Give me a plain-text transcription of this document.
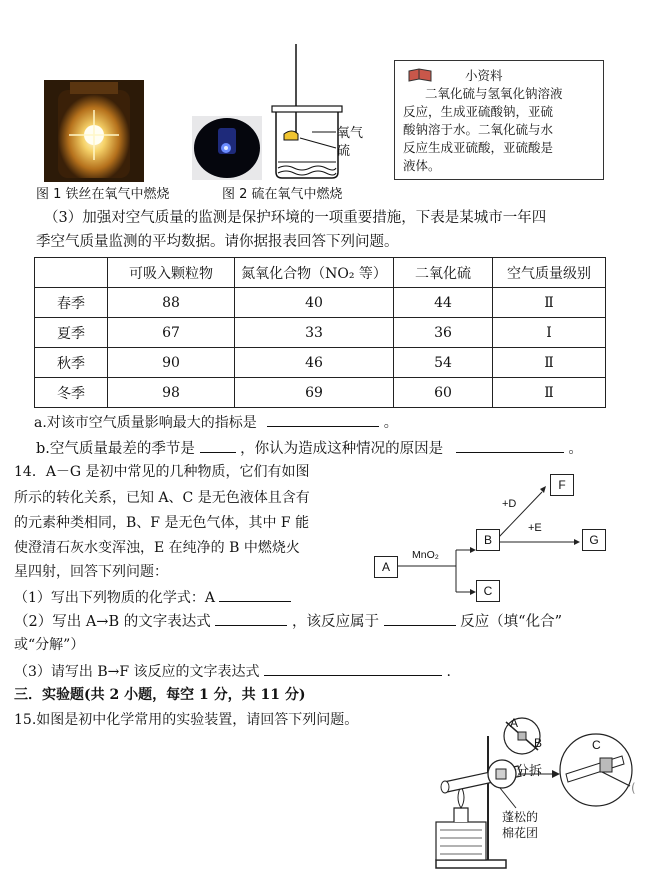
图 1 铁丝在氧气中燃烧
氧气
硫
图 2 硫在氧气中燃烧
小资料
二氧化硫与氢氧化钠溶液
反应，生成亚硫酸钠，亚硫
酸钠溶于水。二氧化硫与水
反应生成亚硫酸，亚硫酸是
液体。
（3）加强对空气质量的监测是保护环境的一项重要措施，下表是某城市一年四
季空气质量监测的平均数据。请你据报表回答下列问题。
	可吸入颗粒物	氮氧化合物（NO₂ 等）	二氧化硫	空气质量级别
春季	88	40	44	Ⅱ
夏季	67	33	36	Ⅰ
秋季	90	46	54	Ⅱ
冬季	98	69	60	Ⅱ
a.对该市空气质量影响最大的指标是	。
b.空气质量最差的季节是	，你认为造成这种情况的原因是	。
14．A－G 是初中常见的几种物质，它们有如图
所示的转化关系，已知 A、C 是无色液体且含有
的元素种类相同，B、F 是无色气体，其中 F 能
使澄清石灰水变浑浊，E 在纯净的 B 中燃烧火
星四射，回答下列问题：	A
B
C
F
G
MnO₂
+D
+E
（1）写出下列物质的化学式：A
（2）写出 A→B 的文字表达式	，该反应属于	反应（填“化合”
或“分解”）
（3）请写出 B→F 该反应的文字表达式	.
三．实验题(共 2 小题，每空 1 分，共 11 分)
15.如图是初中化学常用的实验装置，请回答下列问题。
(
A
B	C
分拆
蓬松的
棉花团
